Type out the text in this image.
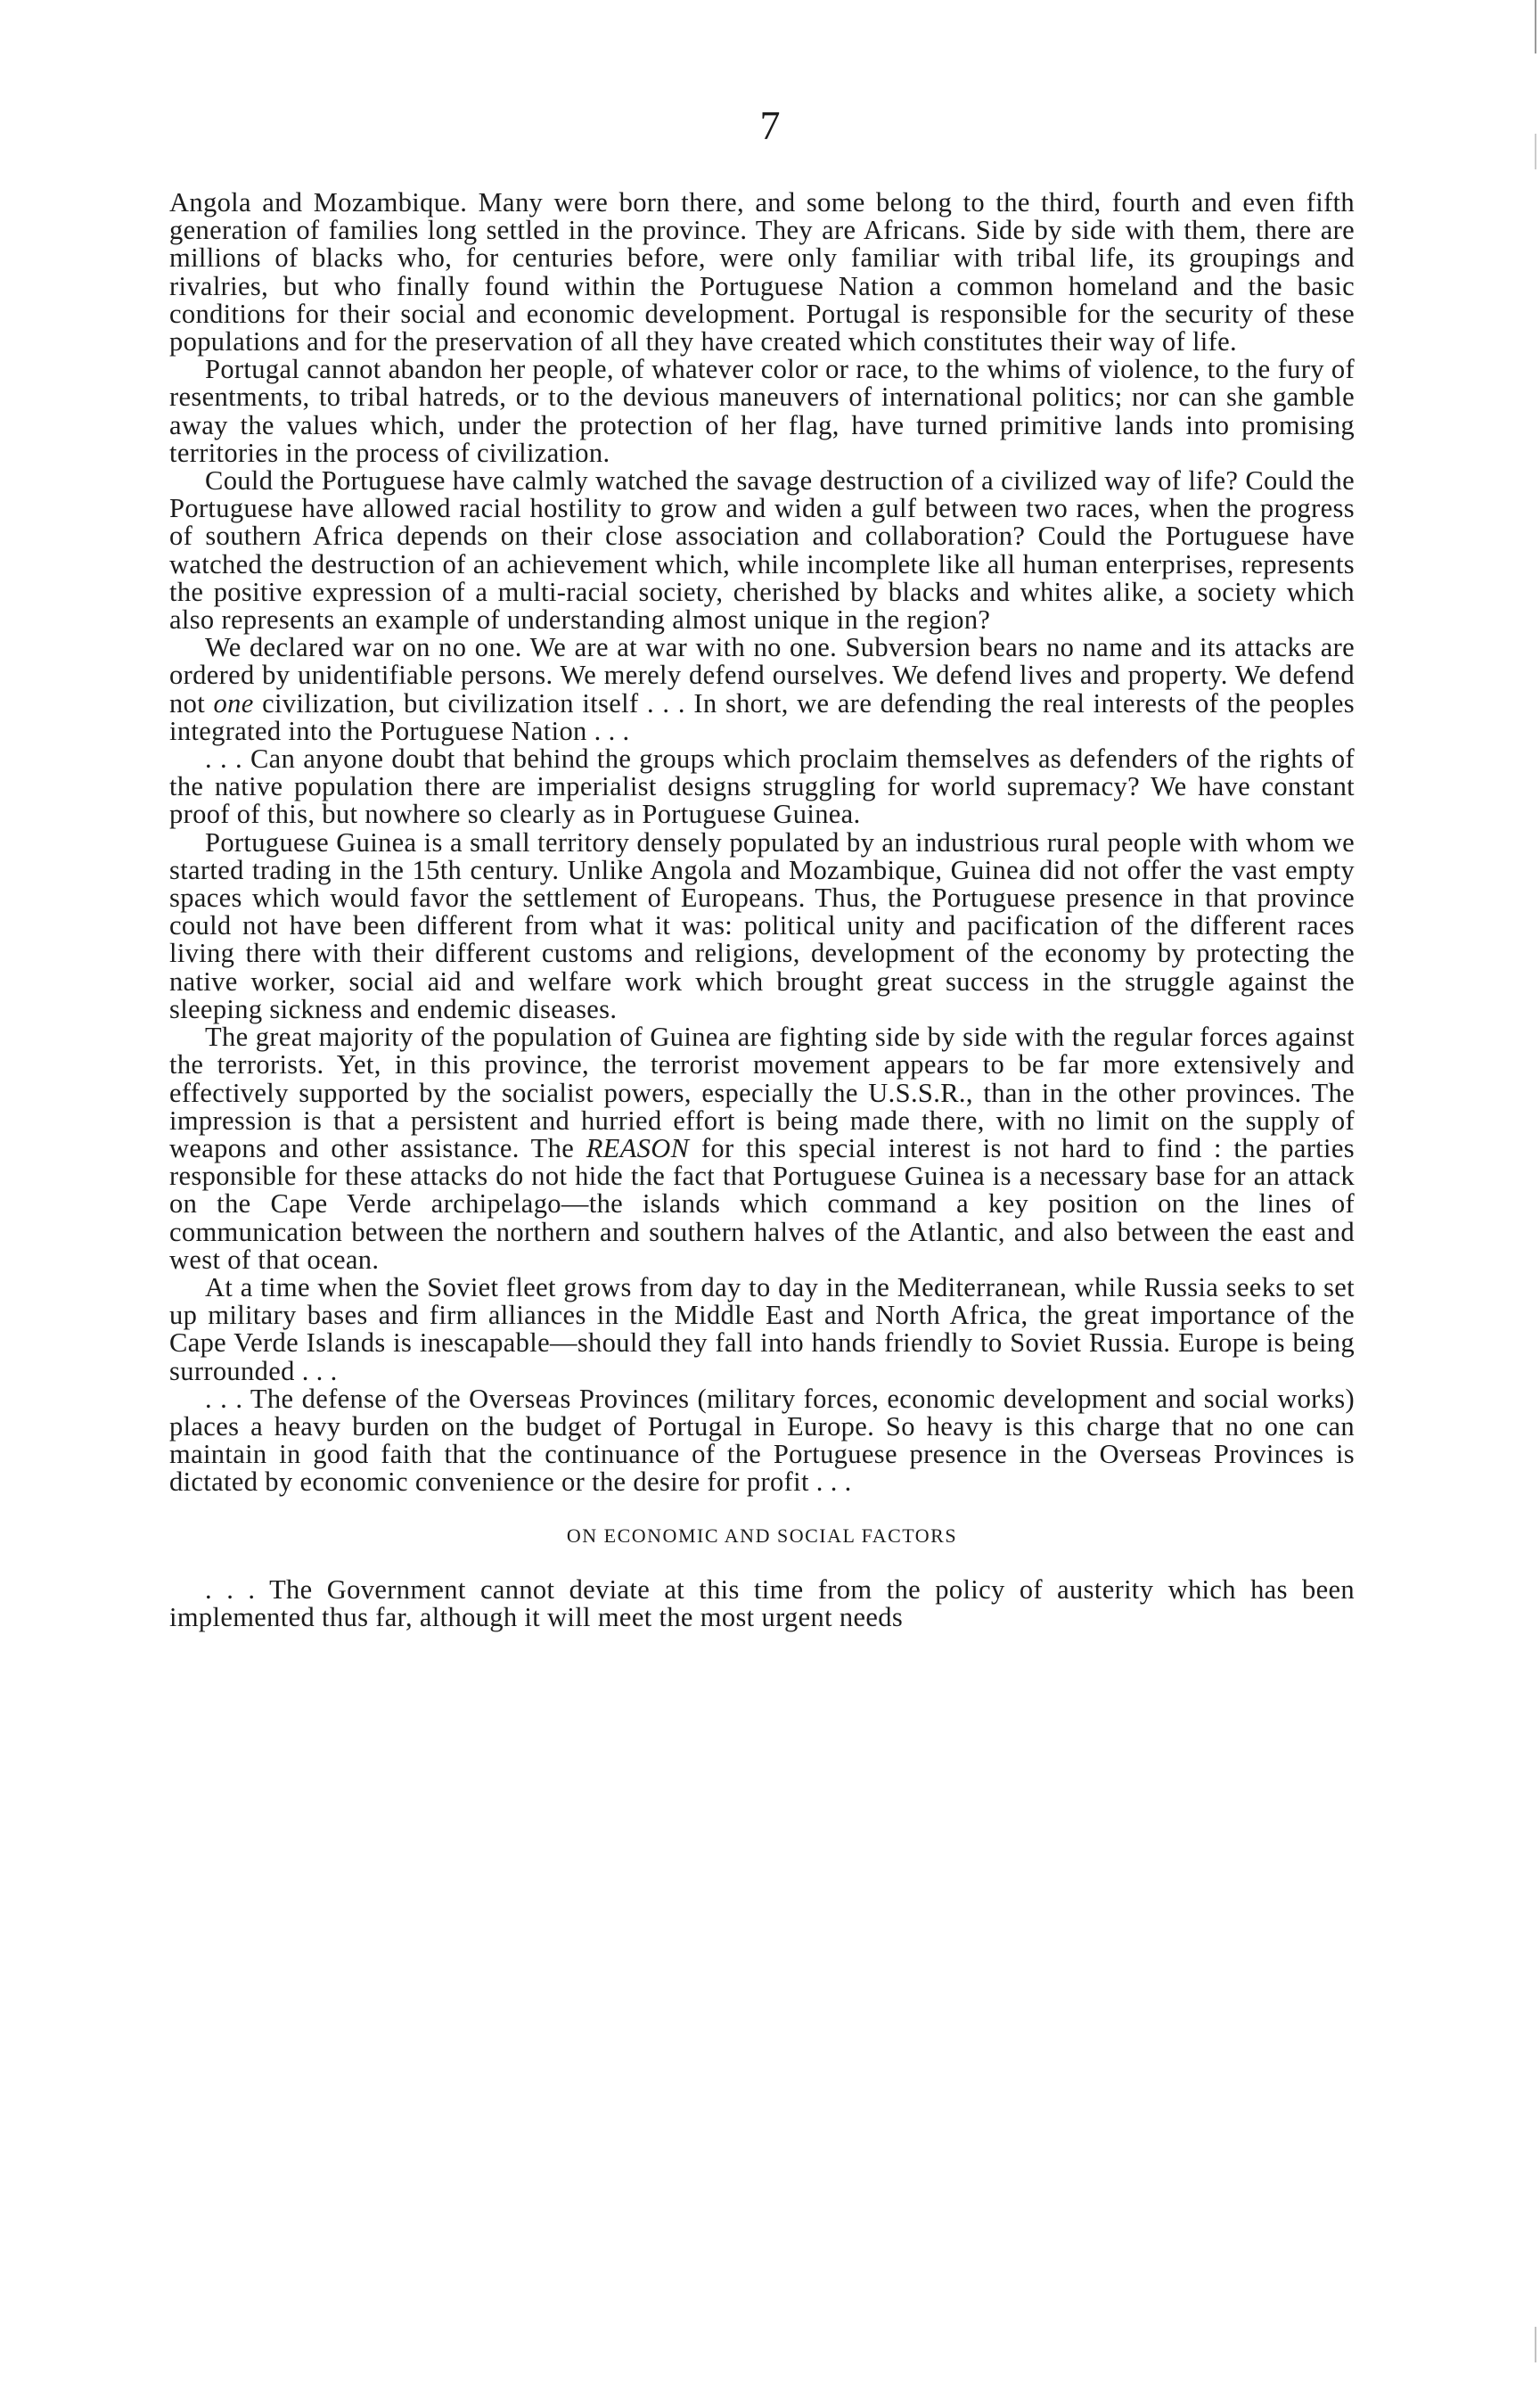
7

Angola and Mozambique. Many were born there, and some belong to the third, fourth and even fifth generation of families long settled in the province. They are Africans. Side by side with them, there are millions of blacks who, for centuries before, were only familiar with tribal life, its groupings and rivalries, but who finally found within the Portuguese Nation a common homeland and the basic conditions for their social and economic development. Portugal is responsible for the security of these populations and for the preservation of all they have created which constitutes their way of life.

Portugal cannot abandon her people, of whatever color or race, to the whims of violence, to the fury of resentments, to tribal hatreds, or to the devious maneuvers of international politics; nor can she gamble away the values which, under the protection of her flag, have turned primitive lands into promising territories in the process of civilization.

Could the Portuguese have calmly watched the savage destruction of a civilized way of life? Could the Portuguese have allowed racial hostility to grow and widen a gulf between two races, when the progress of southern Africa depends on their close association and collaboration? Could the Portuguese have watched the destruction of an achievement which, while incomplete like all human enterprises, represents the positive expression of a multi-racial society, cherished by blacks and whites alike, a society which also represents an example of understanding almost unique in the region?

We declared war on no one. We are at war with no one. Subversion bears no name and its attacks are ordered by unidentifiable persons. We merely defend ourselves. We defend lives and property. We defend not one civilization, but civilization itself . . . In short, we are defending the real interests of the peoples integrated into the Portuguese Nation . . .

. . . Can anyone doubt that behind the groups which proclaim themselves as defenders of the rights of the native population there are imperialist designs struggling for world supremacy? We have constant proof of this, but nowhere so clearly as in Portuguese Guinea.

Portuguese Guinea is a small territory densely populated by an industrious rural people with whom we started trading in the 15th century. Unlike Angola and Mozambique, Guinea did not offer the vast empty spaces which would favor the settlement of Europeans. Thus, the Portuguese presence in that province could not have been different from what it was: political unity and pacification of the different races living there with their different customs and religions, development of the economy by protecting the native worker, social aid and welfare work which brought great success in the struggle against the sleeping sickness and endemic diseases.

The great majority of the population of Guinea are fighting side by side with the regular forces against the terrorists. Yet, in this province, the terrorist movement appears to be far more extensively and effectively supported by the socialist powers, especially the U.S.S.R., than in the other provinces. The impression is that a persistent and hurried effort is being made there, with no limit on the supply of weapons and other assistance. The REASON for this special interest is not hard to find : the parties responsible for these attacks do not hide the fact that Portuguese Guinea is a necessary base for an attack on the Cape Verde archipelago—the islands which command a key position on the lines of communication between the northern and southern halves of the Atlantic, and also between the east and west of that ocean.

At a time when the Soviet fleet grows from day to day in the Mediterranean, while Russia seeks to set up military bases and firm alliances in the Middle East and North Africa, the great importance of the Cape Verde Islands is inescapable—should they fall into hands friendly to Soviet Russia. Europe is being surrounded . . .

. . . The defense of the Overseas Provinces (military forces, economic development and social works) places a heavy burden on the budget of Portugal in Europe. So heavy is this charge that no one can maintain in good faith that the continuance of the Portuguese presence in the Overseas Provinces is dictated by economic convenience or the desire for profit . . .

ON ECONOMIC AND SOCIAL FACTORS

. . . The Government cannot deviate at this time from the policy of austerity which has been implemented thus far, although it will meet the most urgent needs
